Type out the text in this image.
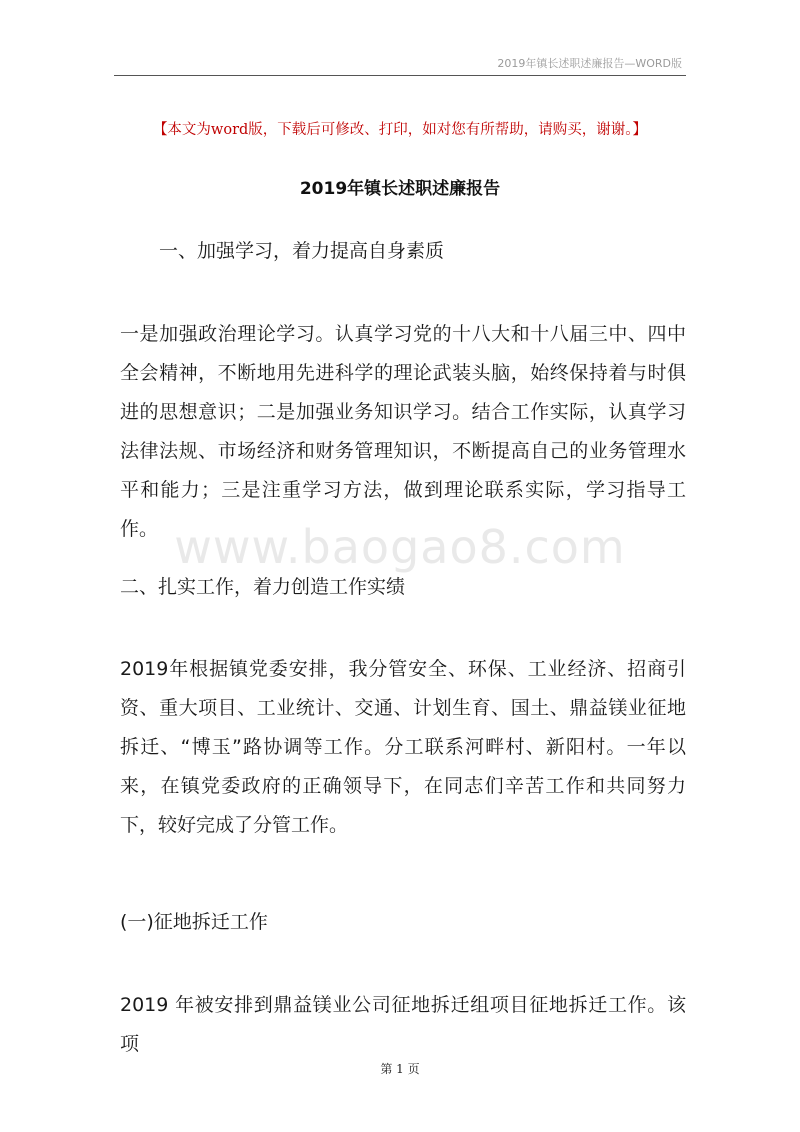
2019年镇长述职述廉报告—WORD版
【本文为word版，下载后可修改、打印，如对您有所帮助，请购买，谢谢。】
2019年镇长述职述廉报告
一、加强学习，着力提高自身素质

一是加强政治理论学习。认真学习党的十八大和十八届三中、四中全会精神，不断地用先进科学的理论武装头脑，始终保持着与时俱进的思想意识；二是加强业务知识学习。结合工作实际，认真学习法律法规、市场经济和财务管理知识，不断提高自己的业务管理水平和能力；三是注重学习方法，做到理论联系实际，学习指导工作。 www.baogao8.com
二、扎实工作，着力创造工作实绩

2019年根据镇党委安排，我分管安全、环保、工业经济、招商引资、重大项目、工业统计、交通、计划生育、国土、鼎益镁业征地拆迁、“博玉”路协调等工作。分工联系河畔村、新阳村。一年以来，在镇党委政府的正确领导下，在同志们辛苦工作和共同努力下，较好完成了分管工作。

(一)征地拆迁工作

2019 年被安排到鼎益镁业公司征地拆迁组项目征地拆迁工作。该项

第 1 页
